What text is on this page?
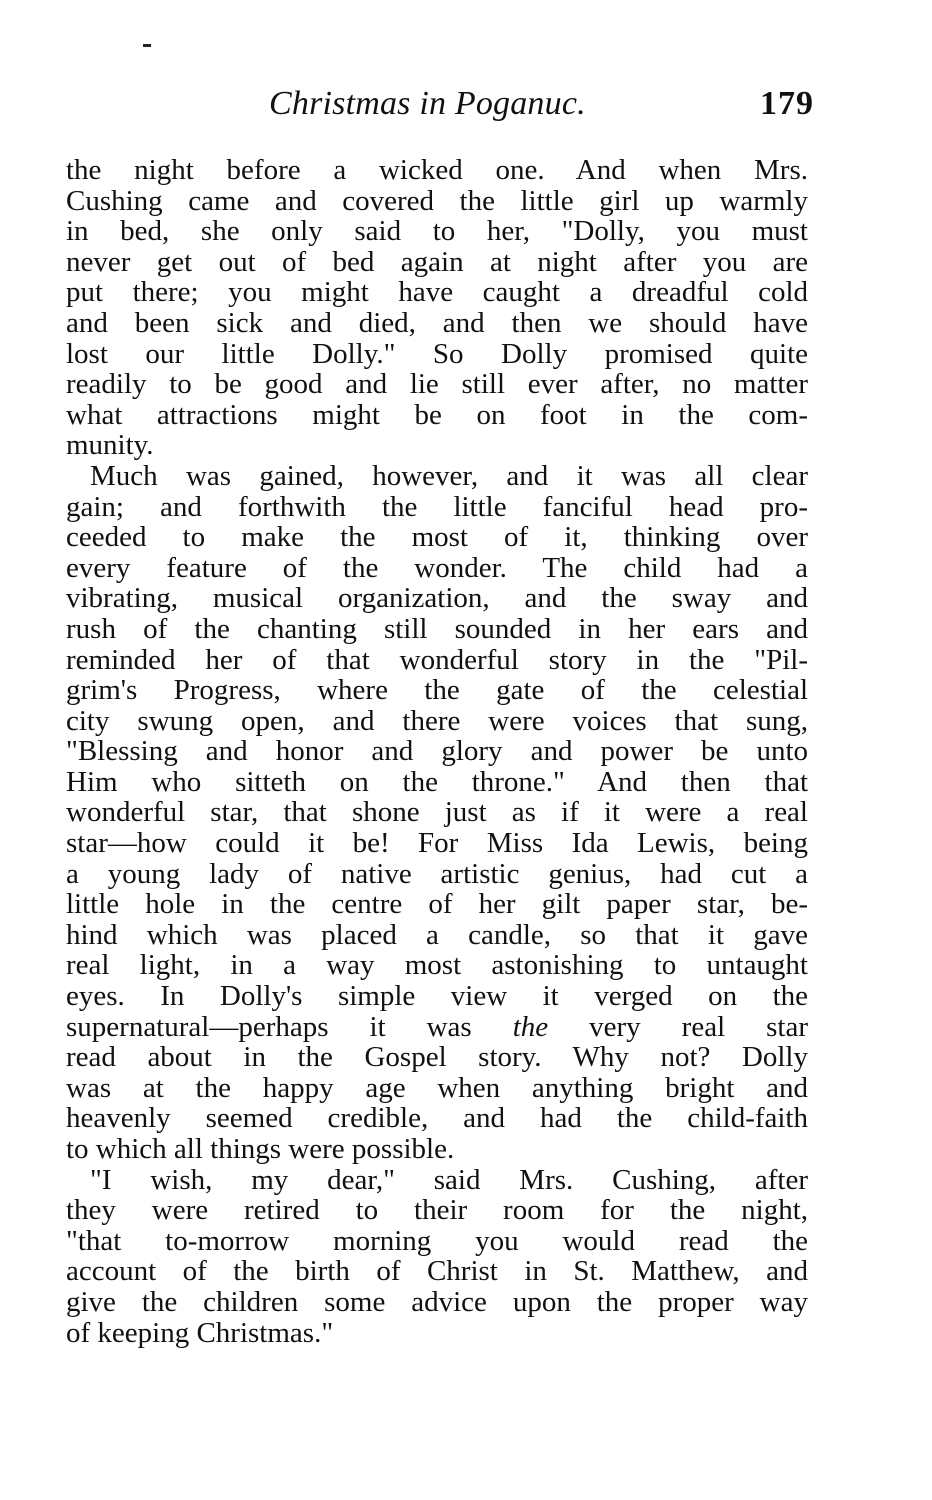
Christmas in Poganuc.	179
the night before a wicked one. And when Mrs.
Cushing came and covered the little girl up warmly
in bed, she only said to her, "Dolly, you must
never get out of bed again at night after you are
put there; you might have caught a dreadful cold
and been sick and died, and then we should have
lost our little Dolly." So Dolly promised quite
readily to be good and lie still ever after, no matter
what attractions might be on foot in the com-
munity.
Much was gained, however, and it was all clear
gain; and forthwith the little fanciful head pro-
ceeded to make the most of it, thinking over
every feature of the wonder. The child had a
vibrating, musical organization, and the sway and
rush of the chanting still sounded in her ears and
reminded her of that wonderful story in the "Pil-
grim's Progress, where the gate of the celestial
city swung open, and there were voices that sung,
"Blessing and honor and glory and power be unto
Him who sitteth on the throne." And then that
wonderful star, that shone just as if it were a real
star—how could it be! For Miss Ida Lewis, being
a young lady of native artistic genius, had cut a
little hole in the centre of her gilt paper star, be-
hind which was placed a candle, so that it gave
real light, in a way most astonishing to untaught
eyes. In Dolly's simple view it verged on the
supernatural—perhaps it was the very real star
read about in the Gospel story. Why not? Dolly
was at the happy age when anything bright and
heavenly seemed credible, and had the child-faith
to which all things were possible.
"I wish, my dear," said Mrs. Cushing, after
they were retired to their room for the night,
"that to-morrow morning you would read the
account of the birth of Christ in St. Matthew, and
give the children some advice upon the proper way
of keeping Christmas."
